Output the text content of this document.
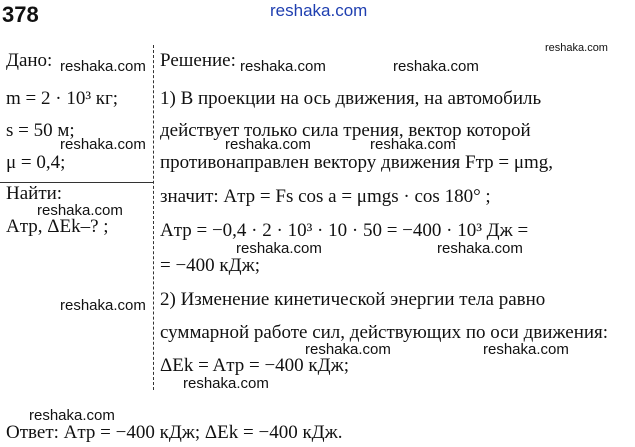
378	reshaka.com
Дано:
m = 2 · 10³ кг;
s = 50 м;
μ = 0,4;
Найти:
Aтр, ΔEk–? ;
Решение:
1) В проекции на ось движения, на автомобиль
действует только сила трения, вектор которой
противонаправлен вектору движения Fтр = μmg,
значит: Aтр = Fs cos a = μmgs · cos 180° ;
Aтр = −0,4 · 2 · 10³ · 10 · 50 = −400 · 10³ Дж =
= −400 кДж;
2) Изменение кинетической энергии тела равно
суммарной работе сил, действующих по оси движения:
ΔEk = Aтр = −400 кДж;
Ответ: Aтр = −400 кДж; ΔEk = −400 кДж.
reshaka.com
reshaka.com	reshaka.com	reshaka.com
reshaka.com	reshaka.com	reshaka.com
reshaka.com
reshaka.com	reshaka.com
reshaka.com
reshaka.com	reshaka.com
reshaka.com
reshaka.com
